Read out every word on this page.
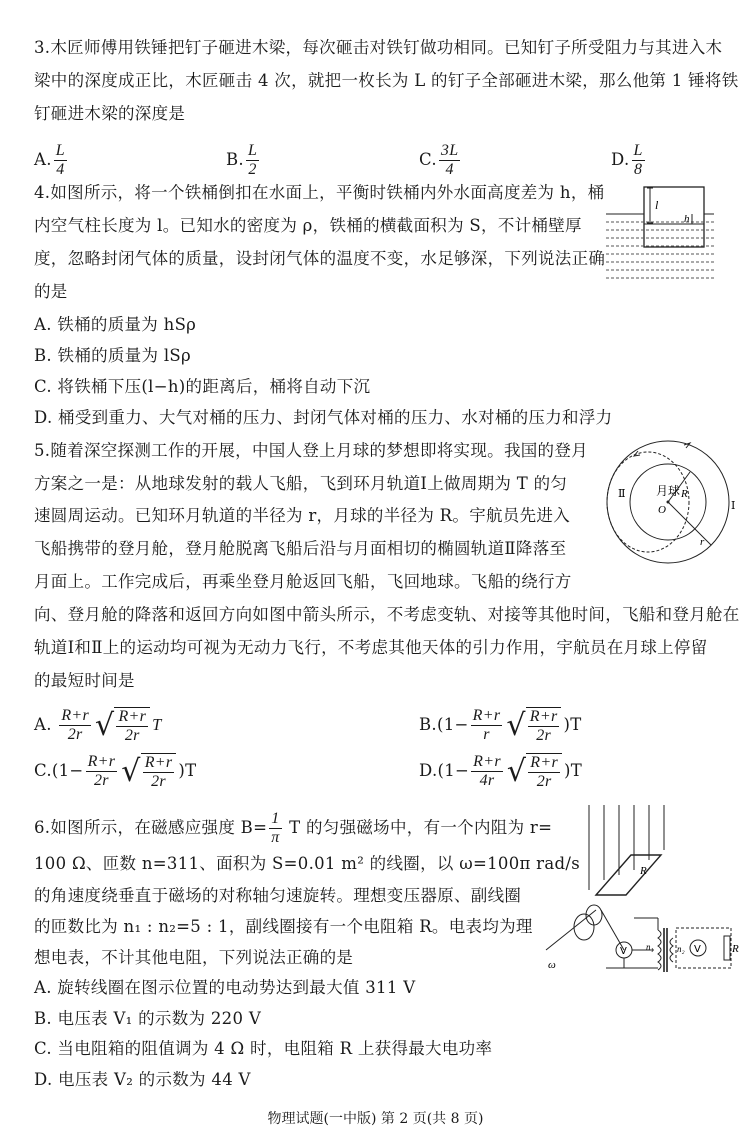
3.木匠师傅用铁锤把钉子砸进木梁，每次砸击对铁钉做功相同。已知钉子所受阻力与其进入木
梁中的深度成正比，木匠砸击 4 次，就把一枚长为 L 的钉子全部砸进木梁，那么他第 1 锤将铁
钉砸进木梁的深度是
A. $\frac{L}{4}$	B. $\frac{L}{2}$	C. $\frac{3L}{4}$	D. $\frac{L}{8}$
4.如图所示，将一个铁桶倒扣在水面上，平衡时铁桶内外水面高度差为 h，桶
内空气柱长度为 l。已知水的密度为 ρ，铁桶的横截面积为 S，不计桶壁厚
度，忽略封闭气体的质量，设封闭气体的温度不变，水足够深，下列说法正确
的是
A. 铁桶的质量为 hSρ
B. 铁桶的质量为 lSρ
C. 将铁桶下压(l−h)的距离后，桶将自动下沉
D. 桶受到重力、大气对桶的压力、封闭气体对桶的压力、水对桶的压力和浮力
l
h
5.随着深空探测工作的开展，中国人登上月球的梦想即将实现。我国的登月
方案之一是：从地球发射的载人飞船，飞到环月轨道Ⅰ上做周期为 T 的匀
速圆周运动。已知环月轨道的半径为 r，月球的半径为 R。宇航员先进入
飞船携带的登月舱，登月舱脱离飞船后沿与月面相切的椭圆轨道Ⅱ降落至
月面上。工作完成后，再乘坐登月舱返回飞船，飞回地球。飞船的绕行方
向、登月舱的降落和返回方向如图中箭头所示，不考虑变轨、对接等其他时间，飞船和登月舱在
轨道Ⅰ和Ⅱ上的运动均可视为无动力飞行，不考虑其他天体的引力作用，宇航员在月球上停留
的最短时间是
A. $\frac{R+r}{2r}$ √ $\frac{R+r}{2r}$ T	$B.(1- \frac{R+r}{r}$ √ $\frac{R+r}{2r} )T$
$C.(1- \frac{R+r}{2r}$ √ $\frac{R+r}{2r} )T$	$D.(1- \frac{R+r}{4r}$ √ $\frac{R+r}{2r} )T$
月球 R
O
r
Ⅰ
Ⅱ
6.如图所示，在磁感应强度 $B= \frac{1}{\pi}$ T 的匀强磁场中，有一个内阻为 r=
100 Ω、匝数 n=311、面积为 S=0.01 m² 的线圈，以 ω=100π rad/s
的角速度绕垂直于磁场的对称轴匀速旋转。理想变压器原、副线圈
的匝数比为 n₁ : n₂=5 : 1，副线圈接有一个电阻箱 R。电表均为理
想电表，不计其他电阻，下列说法正确的是
A. 旋转线圈在图示位置的电动势达到最大值 311 V
B. 电压表 V₁ 的示数为 220 V
C. 当电阻箱的阻值调为 4 Ω 时，电阻箱 R 上获得最大电功率
D. 电压表 V₂ 的示数为 44 V
R
ω
V	V
n₁	n₂	R
物理试题(一中版) 第 2 页(共 8 页)
